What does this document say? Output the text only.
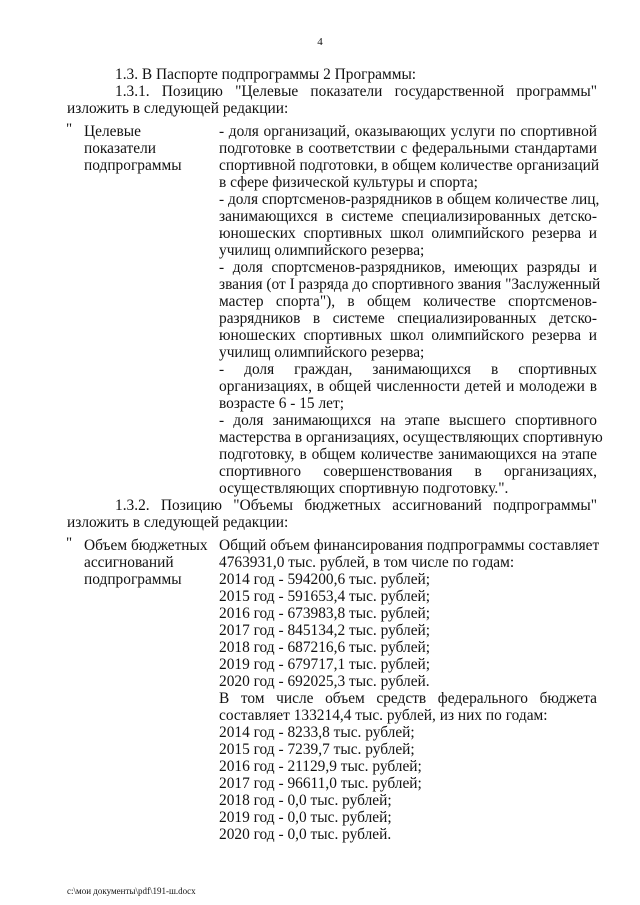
4
1.3. В Паспорте подпрограммы 2 Программы:
1.3.1. Позицию "Целевые показатели государственной программы"
изложить в следующей редакции:
" Целевые
показатели
подпрограммы
- доля организаций, оказывающих услуги по спортивной
подготовке в соответствии с федеральными стандартами
спортивной подготовки, в общем количестве организаций
в сфере физической культуры и спорта;
- доля спортсменов-разрядников в общем количестве лиц,
занимающихся в системе специализированных детско-
юношеских спортивных школ олимпийского резерва и
училищ олимпийского резерва;
- доля спортсменов-разрядников, имеющих разряды и
звания (от I разряда до спортивного звания "Заслуженный
мастер спорта"), в общем количестве спортсменов-
разрядников в системе специализированных детско-
юношеских спортивных школ олимпийского резерва и
училищ олимпийского резерва;
- доля граждан, занимающихся в спортивных
организациях, в общей численности детей и молодежи в
возрасте 6 - 15 лет;
- доля занимающихся на этапе высшего спортивного
мастерства в организациях, осуществляющих спортивную
подготовку, в общем количестве занимающихся на этапе
спортивного совершенствования в организациях,
осуществляющих спортивную подготовку.".
1.3.2. Позицию "Объемы бюджетных ассигнований подпрограммы"
изложить в следующей редакции:
" Объем бюджетных
ассигнований
подпрограммы
Общий объем финансирования подпрограммы составляет
4763931,0 тыс. рублей, в том числе по годам:
2014 год - 594200,6 тыс. рублей;
2015 год - 591653,4 тыс. рублей;
2016 год - 673983,8 тыс. рублей;
2017 год - 845134,2 тыс. рублей;
2018 год - 687216,6 тыс. рублей;
2019 год - 679717,1 тыс. рублей;
2020 год - 692025,3 тыс. рублей.
В том числе объем средств федерального бюджета
составляет 133214,4 тыс. рублей, из них по годам:
2014 год - 8233,8 тыс. рублей;
2015 год - 7239,7 тыс. рублей;
2016 год - 21129,9 тыс. рублей;
2017 год - 96611,0 тыс. рублей;
2018 год - 0,0 тыс. рублей;
2019 год - 0,0 тыс. рублей;
2020 год - 0,0 тыс. рублей.
c:\мои документы\pdf\191-ш.docx
